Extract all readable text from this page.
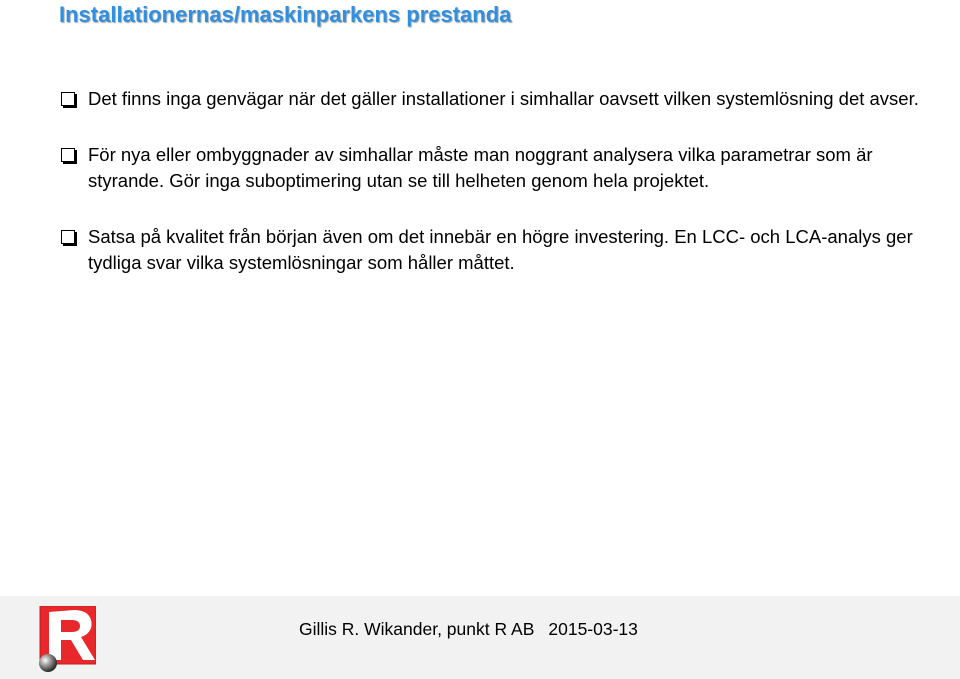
Installationernas/maskinparkens prestanda
Det finns inga genvägar när det gäller installationer i simhallar oavsett vilken systemlösning det avser.
För nya eller ombyggnader av simhallar måste man noggrant analysera vilka parametrar som är styrande. Gör inga suboptimering utan se till helheten genom hela projektet.
Satsa på kvalitet från början även om det innebär en högre investering. En LCC- och LCA-analys ger tydliga svar vilka systemlösningar som håller måttet.
Gillis R. Wikander, punkt R AB 2015-03-13
